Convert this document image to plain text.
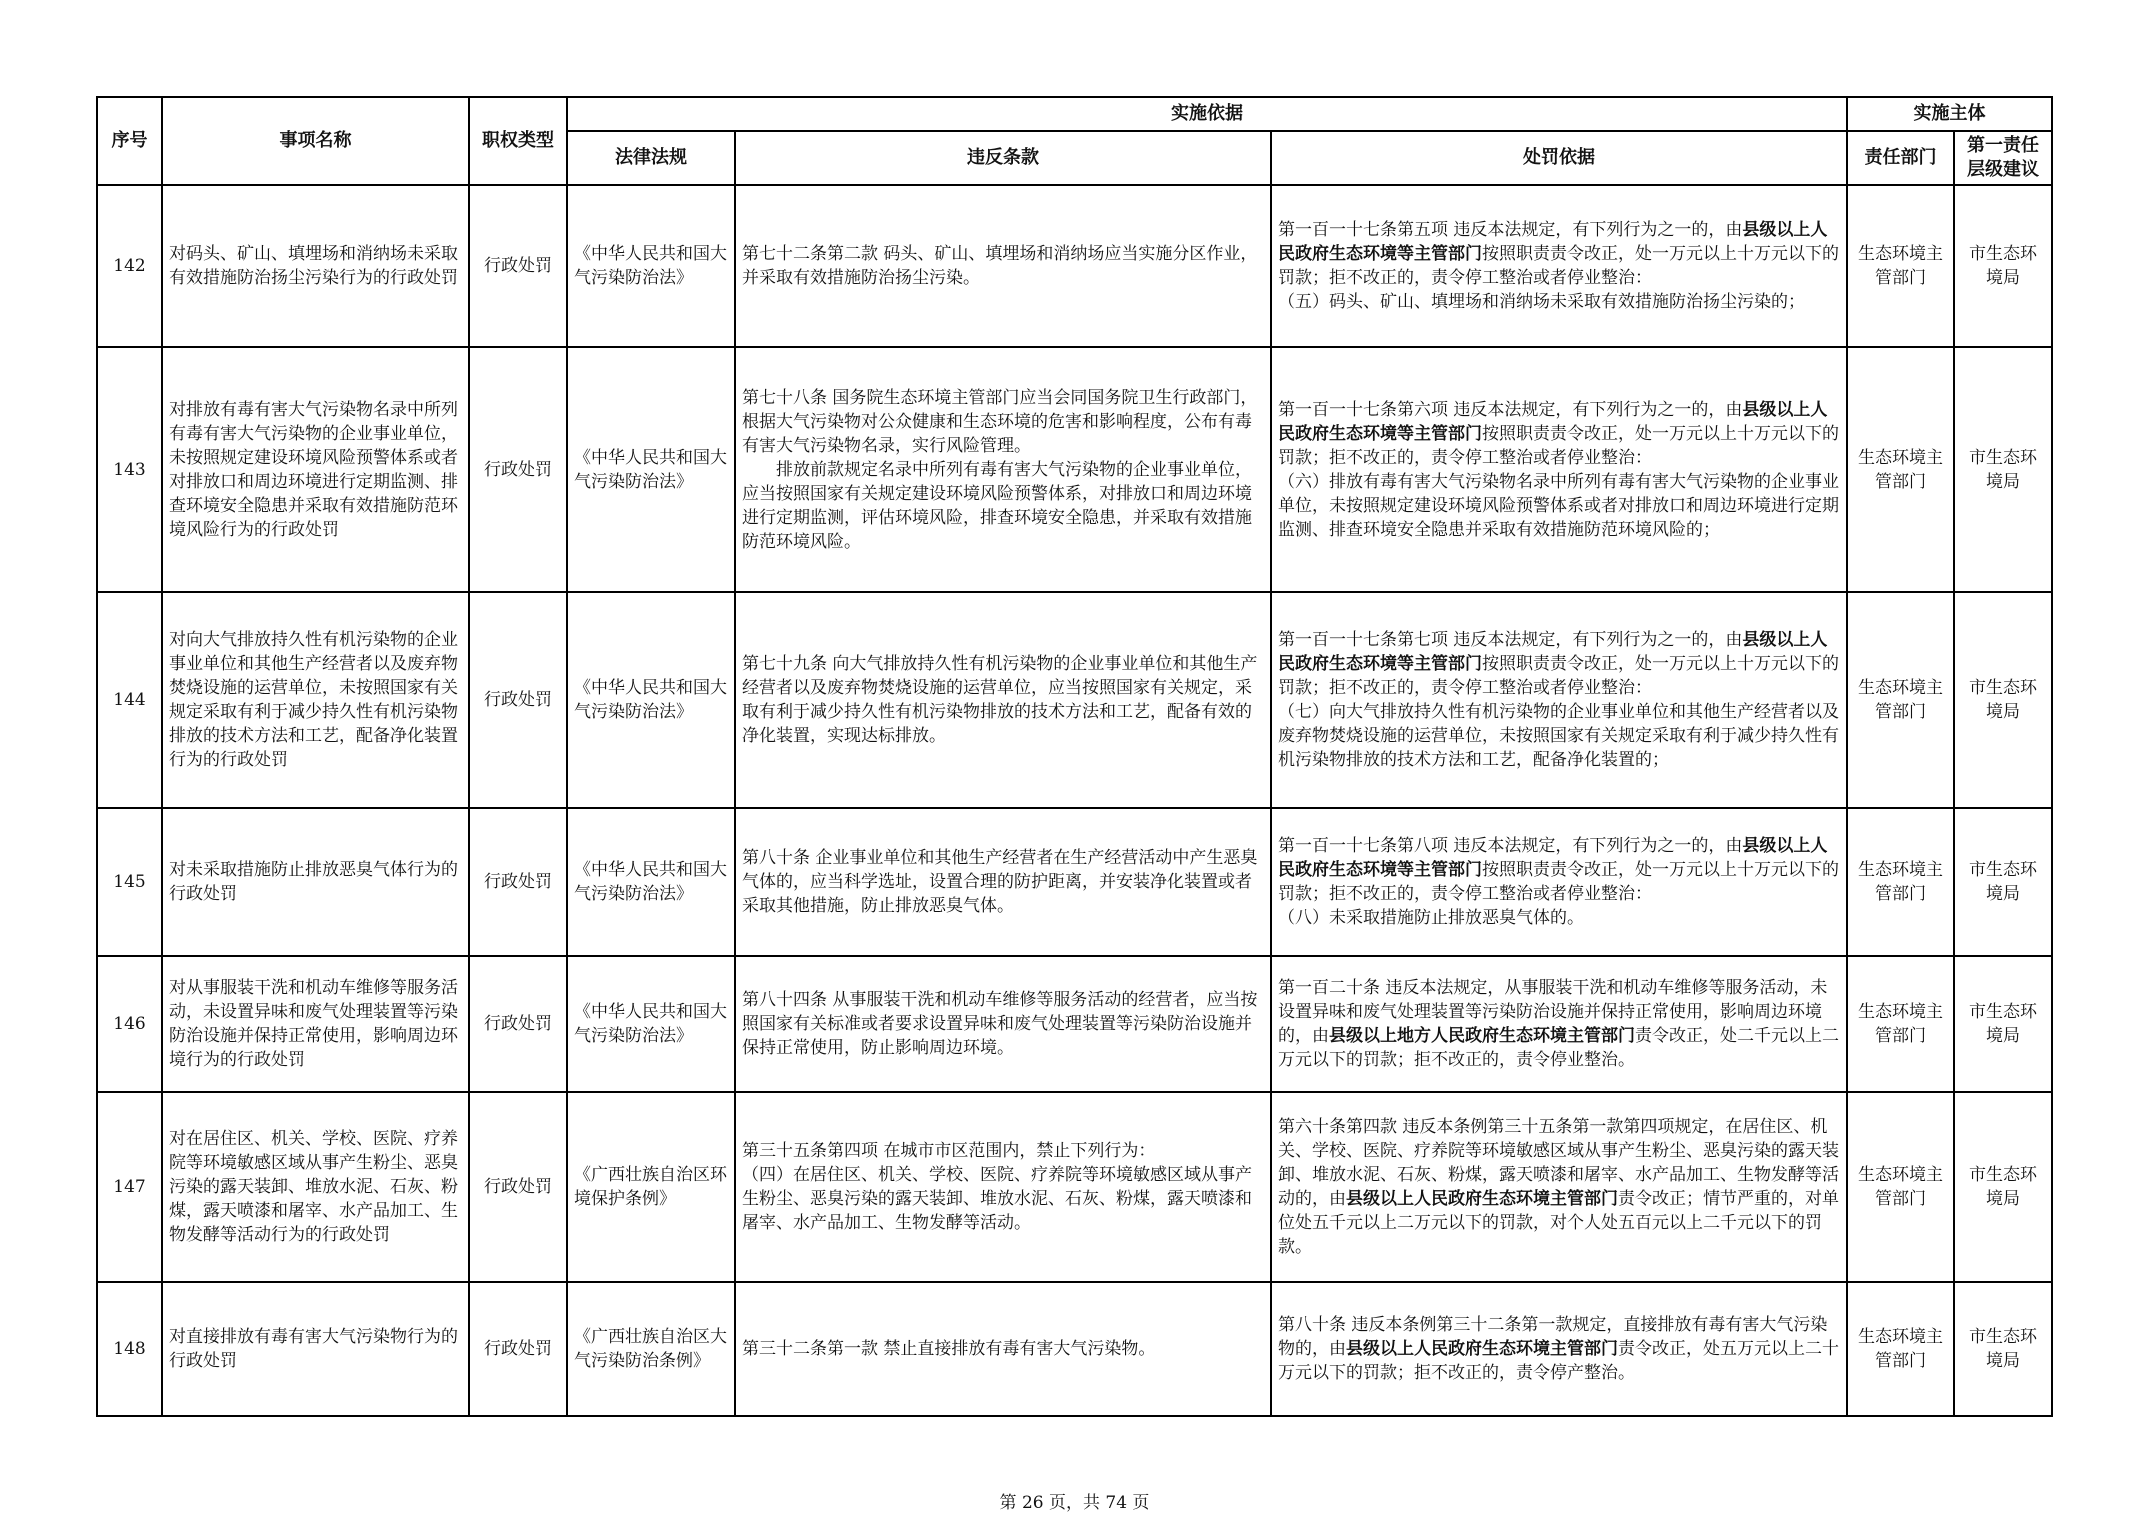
序号	事项名称	职权类型	实施依据			实施主体	
			法律法规	违反条款	处罚依据	责任部门	第一责任层级建议
142	对码头、矿山、填埋场和消纳场未采取有效措施防治扬尘污染行为的行政处罚	行政处罚	《中华人民共和国大气污染防治法》	第七十二条第二款 码头、矿山、填埋场和消纳场应当实施分区作业，并采取有效措施防治扬尘污染。	第一百一十七条第五项 违反本法规定，有下列行为之一的，由县级以上人民政府生态环境等主管部门按照职责责令改正，处一万元以上十万元以下的罚款；拒不改正的，责令停工整治或者停业整治：
（五）码头、矿山、填埋场和消纳场未采取有效措施防治扬尘污染的；	生态环境主管部门	市生态环境局
143	对排放有毒有害大气污染物名录中所列有毒有害大气污染物的企业事业单位，未按照规定建设环境风险预警体系或者对排放口和周边环境进行定期监测、排查环境安全隐患并采取有效措施防范环境风险行为的行政处罚	行政处罚	《中华人民共和国大气污染防治法》	第七十八条 国务院生态环境主管部门应当会同国务院卫生行政部门，根据大气污染物对公众健康和生态环境的危害和影响程度，公布有毒有害大气污染物名录，实行风险管理。
　　排放前款规定名录中所列有毒有害大气污染物的企业事业单位，应当按照国家有关规定建设环境风险预警体系，对排放口和周边环境进行定期监测，评估环境风险，排查环境安全隐患，并采取有效措施防范环境风险。	第一百一十七条第六项 违反本法规定，有下列行为之一的，由县级以上人民政府生态环境等主管部门按照职责责令改正，处一万元以上十万元以下的罚款；拒不改正的，责令停工整治或者停业整治：
（六）排放有毒有害大气污染物名录中所列有毒有害大气污染物的企业事业单位，未按照规定建设环境风险预警体系或者对排放口和周边环境进行定期监测、排查环境安全隐患并采取有效措施防范环境风险的；	生态环境主管部门	市生态环境局
144	对向大气排放持久性有机污染物的企业事业单位和其他生产经营者以及废弃物焚烧设施的运营单位，未按照国家有关规定采取有利于减少持久性有机污染物排放的技术方法和工艺，配备净化装置行为的行政处罚	行政处罚	《中华人民共和国大气污染防治法》	第七十九条 向大气排放持久性有机污染物的企业事业单位和其他生产经营者以及废弃物焚烧设施的运营单位，应当按照国家有关规定，采取有利于减少持久性有机污染物排放的技术方法和工艺，配备有效的净化装置，实现达标排放。	第一百一十七条第七项 违反本法规定，有下列行为之一的，由县级以上人民政府生态环境等主管部门按照职责责令改正，处一万元以上十万元以下的罚款；拒不改正的，责令停工整治或者停业整治：
（七）向大气排放持久性有机污染物的企业事业单位和其他生产经营者以及废弃物焚烧设施的运营单位，未按照国家有关规定采取有利于减少持久性有机污染物排放的技术方法和工艺，配备净化装置的；	生态环境主管部门	市生态环境局
145	对未采取措施防止排放恶臭气体行为的行政处罚	行政处罚	《中华人民共和国大气污染防治法》	第八十条 企业事业单位和其他生产经营者在生产经营活动中产生恶臭气体的，应当科学选址，设置合理的防护距离，并安装净化装置或者采取其他措施，防止排放恶臭气体。	第一百一十七条第八项 违反本法规定，有下列行为之一的，由县级以上人民政府生态环境等主管部门按照职责责令改正，处一万元以上十万元以下的罚款；拒不改正的，责令停工整治或者停业整治：
（八）未采取措施防止排放恶臭气体的。	生态环境主管部门	市生态环境局
146	对从事服装干洗和机动车维修等服务活动，未设置异味和废气处理装置等污染防治设施并保持正常使用，影响周边环境行为的行政处罚	行政处罚	《中华人民共和国大气污染防治法》	第八十四条 从事服装干洗和机动车维修等服务活动的经营者，应当按照国家有关标准或者要求设置异味和废气处理装置等污染防治设施并保持正常使用，防止影响周边环境。	第一百二十条 违反本法规定，从事服装干洗和机动车维修等服务活动，未设置异味和废气处理装置等污染防治设施并保持正常使用，影响周边环境的，由县级以上地方人民政府生态环境主管部门责令改正，处二千元以上二万元以下的罚款；拒不改正的，责令停业整治。	生态环境主管部门	市生态环境局
147	对在居住区、机关、学校、医院、疗养院等环境敏感区域从事产生粉尘、恶臭污染的露天装卸、堆放水泥、石灰、粉煤，露天喷漆和屠宰、水产品加工、生物发酵等活动行为的行政处罚	行政处罚	《广西壮族自治区环境保护条例》	第三十五条第四项 在城市市区范围内，禁止下列行为：
（四）在居住区、机关、学校、医院、疗养院等环境敏感区域从事产生粉尘、恶臭污染的露天装卸、堆放水泥、石灰、粉煤，露天喷漆和屠宰、水产品加工、生物发酵等活动。	第六十条第四款 违反本条例第三十五条第一款第四项规定，在居住区、机关、学校、医院、疗养院等环境敏感区域从事产生粉尘、恶臭污染的露天装卸、堆放水泥、石灰、粉煤，露天喷漆和屠宰、水产品加工、生物发酵等活动的，由县级以上人民政府生态环境主管部门责令改正；情节严重的，对单位处五千元以上二万元以下的罚款，对个人处五百元以上二千元以下的罚款。	生态环境主管部门	市生态环境局
148	对直接排放有毒有害大气污染物行为的行政处罚	行政处罚	《广西壮族自治区大气污染防治条例》	第三十二条第一款 禁止直接排放有毒有害大气污染物。	第八十条 违反本条例第三十二条第一款规定，直接排放有毒有害大气污染物的，由县级以上人民政府生态环境主管部门责令改正，处五万元以上二十万元以下的罚款；拒不改正的，责令停产整治。	生态环境主管部门	市生态环境局
第 26 页，共 74 页
